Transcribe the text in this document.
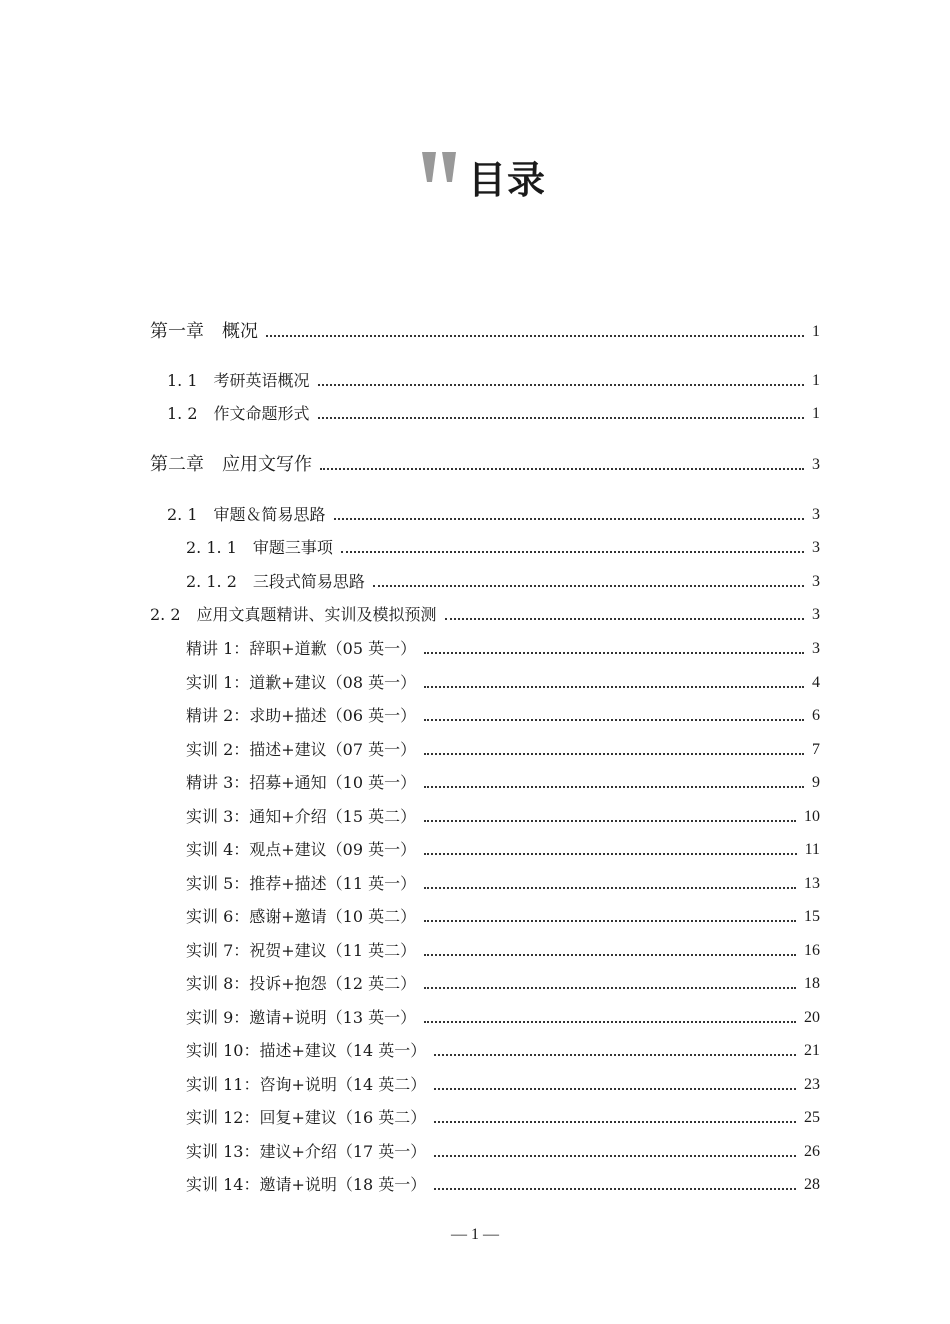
目录
第一章　概况	1
1. 1　考研英语概况	1
1. 2　作文命题形式	1
第二章　应用文写作	3
2. 1　审题＆简易思路	3
2. 1. 1　审题三事项	3
2. 1. 2　三段式简易思路	3
2. 2　应用文真题精讲、实训及模拟预测	3
精讲 1：辞职+道歉（05 英一）	3
实训 1：道歉+建议（08 英一）	4
精讲 2：求助+描述（06 英一）	6
实训 2：描述+建议（07 英一）	7
精讲 3：招募+通知（10 英一）	9
实训 3：通知+介绍（15 英二）	10
实训 4：观点+建议（09 英一）	11
实训 5：推荐+描述（11 英一）	13
实训 6：感谢+邀请（10 英二）	15
实训 7：祝贺+建议（11 英二）	16
实训 8：投诉+抱怨（12 英二）	18
实训 9：邀请+说明（13 英一）	20
实训 10：描述+建议（14 英一）	21
实训 11：咨询+说明（14 英二）	23
实训 12：回复+建议（16 英二）	25
实训 13：建议+介绍（17 英一）	26
实训 14：邀请+说明（18 英一）	28
— 1 —
